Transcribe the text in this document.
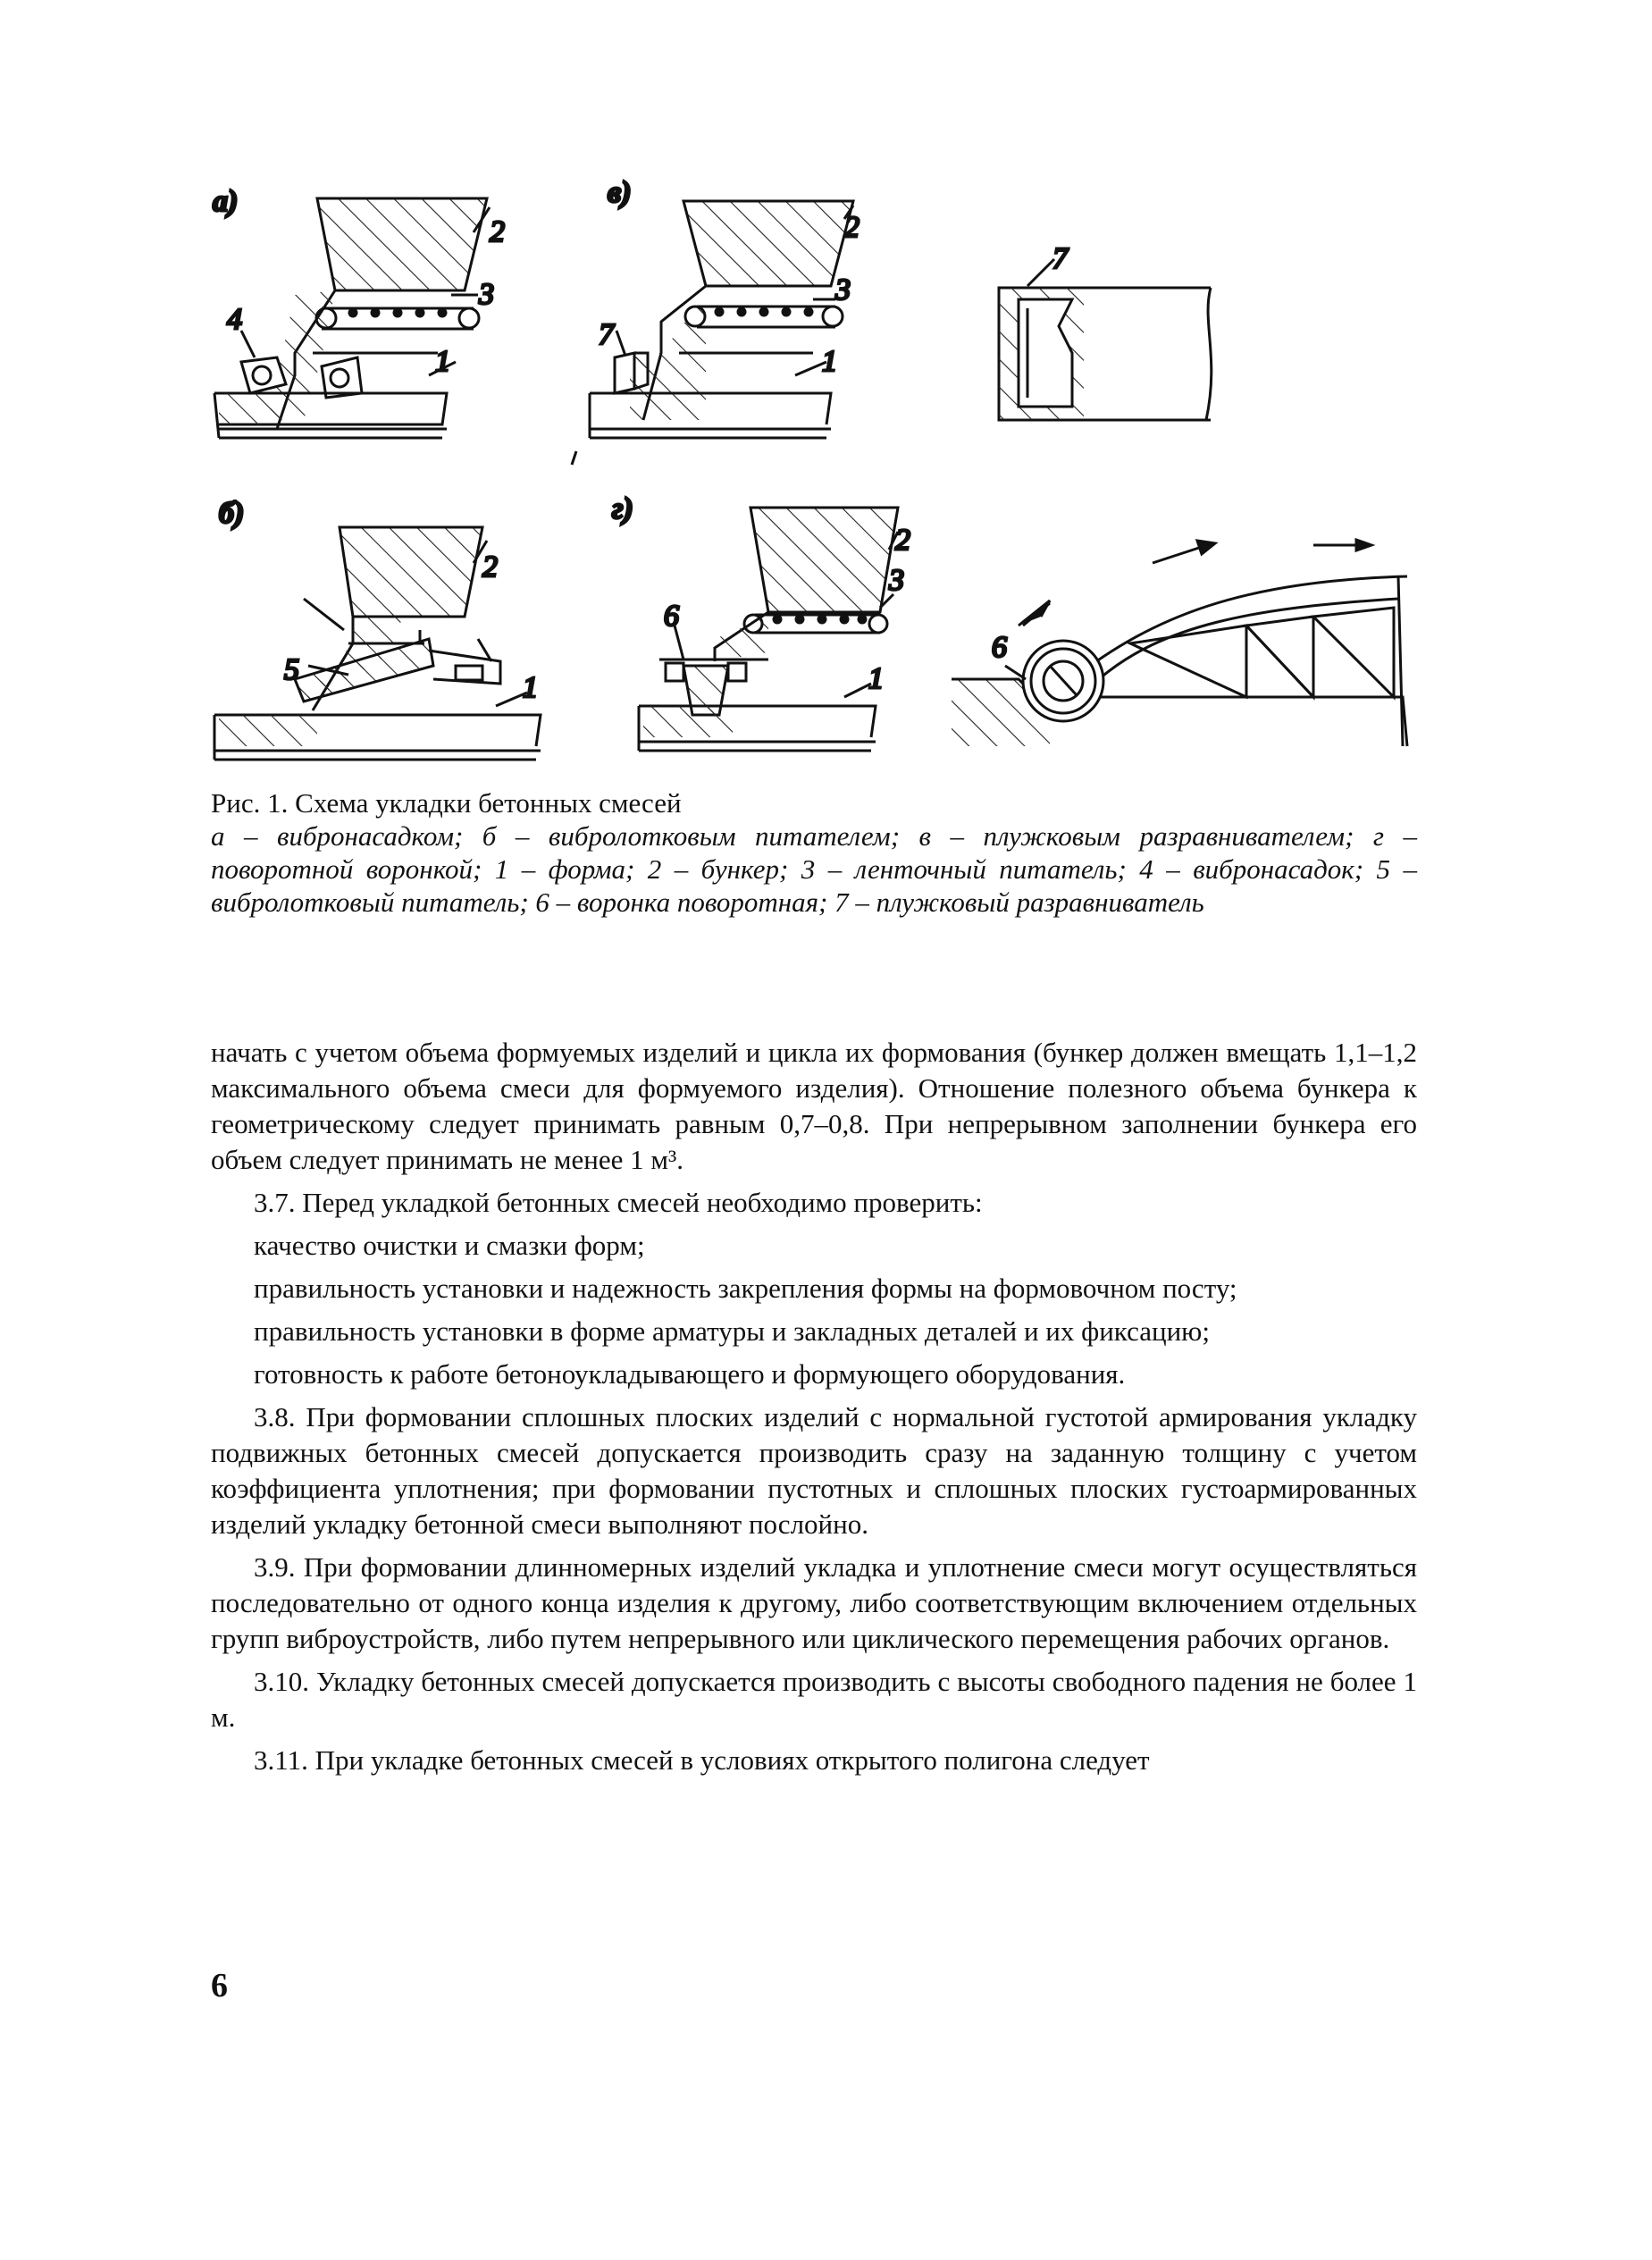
а)
2
3
4
1
в)
2
3
7
1
7
б)
2
5
1
г)
2
3
6
1
6
Рис. 1. Схема укладки бетонных смесей
а – вибронасадком; б – вибролотковым питателем; в – плужковым разравнивателем; г – поворотной воронкой; 1 – форма; 2 – бункер; 3 – ленточный питатель; 4 – вибронасадок; 5 – вибролотковый питатель; 6 – воронка поворотная; 7 – плужковый разравниватель

начать с учетом объема формуемых изделий и цикла их формования (бункер должен вмещать 1,1–1,2 максимального объема смеси для формуемого изделия). Отношение полезного объема бункера к геометрическому следует принимать равным 0,7–0,8. При непрерывном заполнении бункера его объем следует принимать не менее 1 м³.

3.7. Перед укладкой бетонных смесей необходимо проверить:

качество очистки и смазки форм;

правильность установки и надежность закрепления формы на формовочном посту;

правильность установки в форме арматуры и закладных деталей и их фиксацию;

готовность к работе бетоноукладывающего и формующего оборудования.

3.8. При формовании сплошных плоских изделий с нормальной густотой армирования укладку подвижных бетонных смесей допускается производить сразу на заданную толщину с учетом коэффициента уплотнения; при формовании пустотных и сплошных плоских густоармированных изделий укладку бетонной смеси выполняют послойно.

3.9. При формовании длинномерных изделий укладка и уплотнение смеси могут осуществляться последовательно от одного конца изделия к другому, либо соответствующим включением отдельных групп виброустройств, либо путем непрерывного или циклического перемещения рабочих органов.

3.10. Укладку бетонных смесей допускается производить с высоты свободного падения не более 1 м.

3.11. При укладке бетонных смесей в условиях открытого полигона следует

6
